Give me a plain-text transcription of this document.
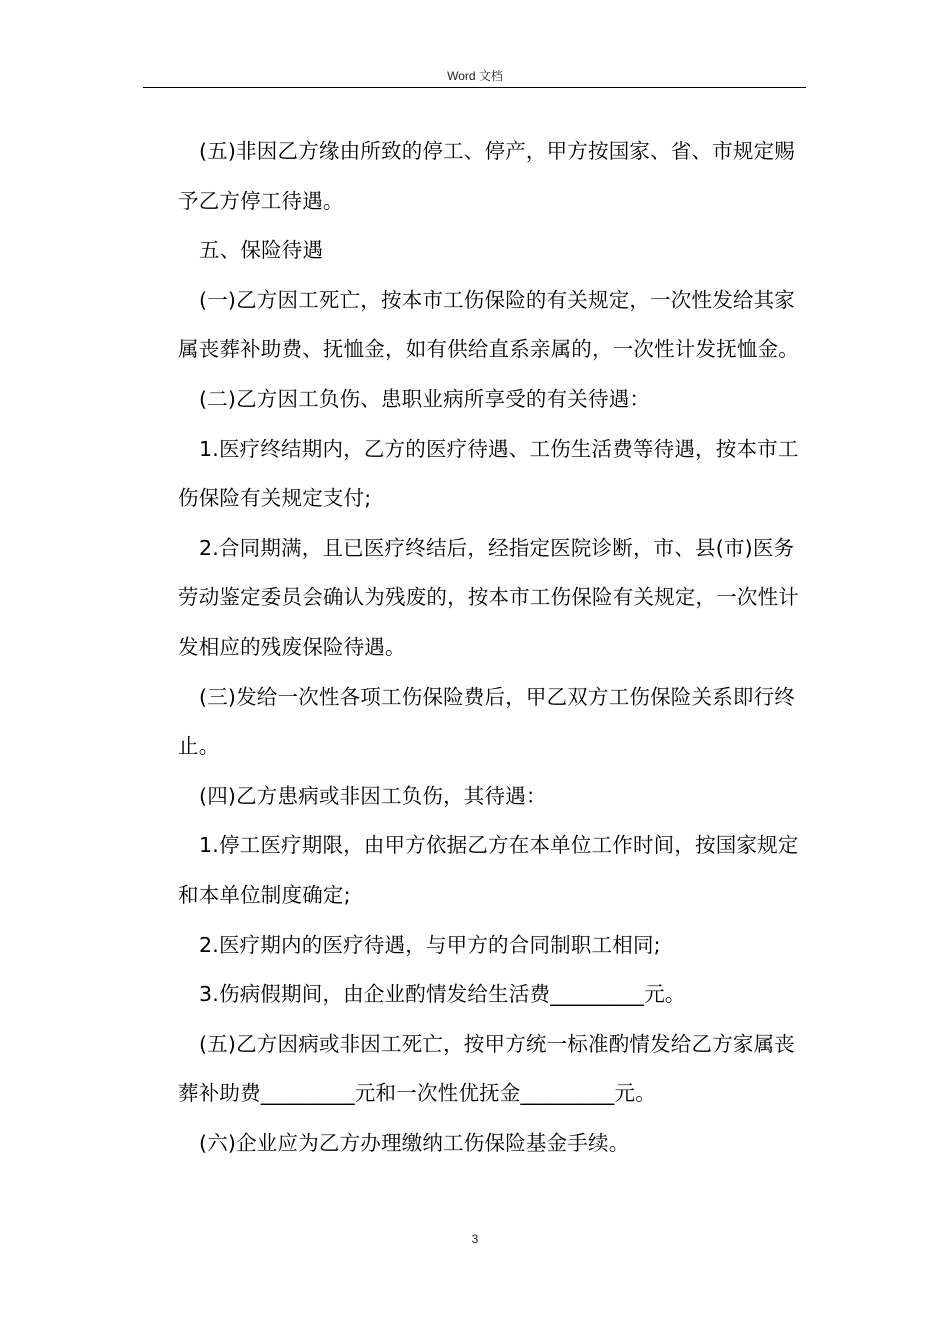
Word 文档

(五)非因乙方缘由所致的停工、停产，甲方按国家、省、市规定赐予乙方停工待遇。

五、保险待遇

(一)乙方因工死亡，按本市工伤保险的有关规定，一次性发给其家属丧葬补助费、抚恤金，如有供给直系亲属的，一次性计发抚恤金。

(二)乙方因工负伤、患职业病所享受的有关待遇：

1.医疗终结期内，乙方的医疗待遇、工伤生活费等待遇，按本市工伤保险有关规定支付;

2.合同期满，且已医疗终结后，经指定医院诊断，市、县(市)医务劳动鉴定委员会确认为残废的，按本市工伤保险有关规定，一次性计发相应的残废保险待遇。

(三)发给一次性各项工伤保险费后，甲乙双方工伤保险关系即行终止。

(四)乙方患病或非因工负伤，其待遇：

1.停工医疗期限，由甲方依据乙方在本单位工作时间，按国家规定和本单位制度确定;

2.医疗期内的医疗待遇，与甲方的合同制职工相同;

3.伤病假期间，由企业酌情发给生活费_________元。

(五)乙方因病或非因工死亡，按甲方统一标准酌情发给乙方家属丧葬补助费_________元和一次性优抚金_________元。

(六)企业应为乙方办理缴纳工伤保险基金手续。

3
